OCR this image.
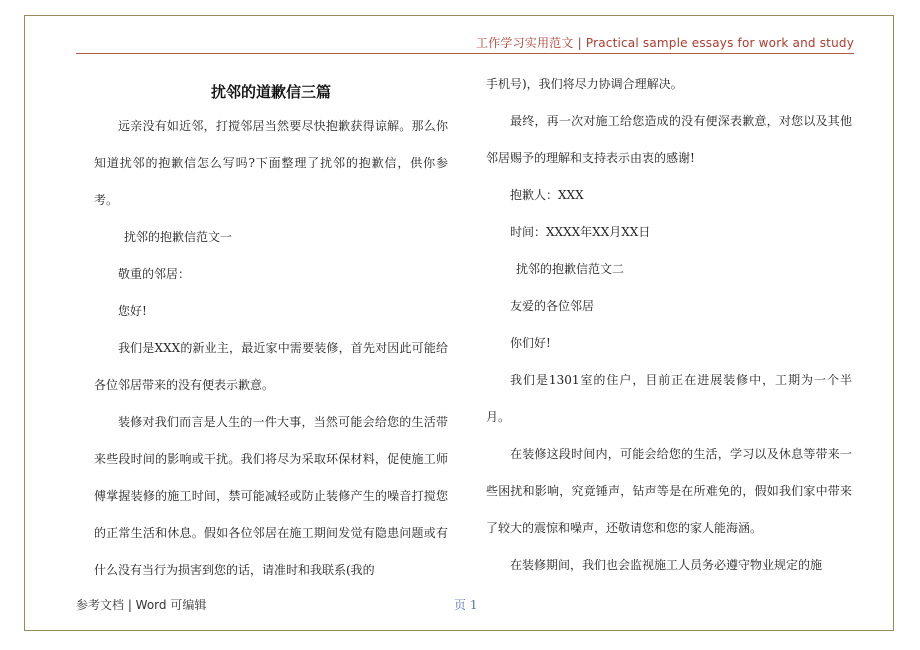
工作学习实用范文 | Practical sample essays for work and study
扰邻的道歉信三篇

远亲没有如近邻，打搅邻居当然要尽快抱歉获得谅解。那么你知道扰邻的抱歉信怎么写吗?下面整理了扰邻的抱歉信，供你参考。

扰邻的抱歉信范文一

敬重的邻居：

您好!

我们是XXX的新业主，最近家中需要装修，首先对因此可能给各位邻居带来的没有便表示歉意。

装修对我们而言是人生的一件大事，当然可能会给您的生活带来些段时间的影响或干扰。我们将尽为采取环保材料，促使施工师傅掌握装修的施工时间，禁可能减轻或防止装修产生的噪音打搅您的正常生活和休息。假如各位邻居在施工期间发觉有隐患问题或有什么没有当行为损害到您的话，请准时和我联系(我的

手机号)，我们将尽力协调合理解决。

最终，再一次对施工给您造成的没有便深表歉意，对您以及其他邻居赐予的理解和支持表示由衷的感谢!

抱歉人：XXX

时间：XXXX年XX月XX日

扰邻的抱歉信范文二

友爱的各位邻居

你们好!

我们是1301室的住户，目前正在进展装修中，工期为一个半月。

在装修这段时间内，可能会给您的生活，学习以及休息等带来一些困扰和影响，究竟锤声，钻声等是在所难免的，假如我们家中带来了较大的震惊和噪声，还敬请您和您的家人能海涵。

在装修期间，我们也会监视施工人员务必遵守物业规定的施

参考文档 | Word 可编辑	页 1
